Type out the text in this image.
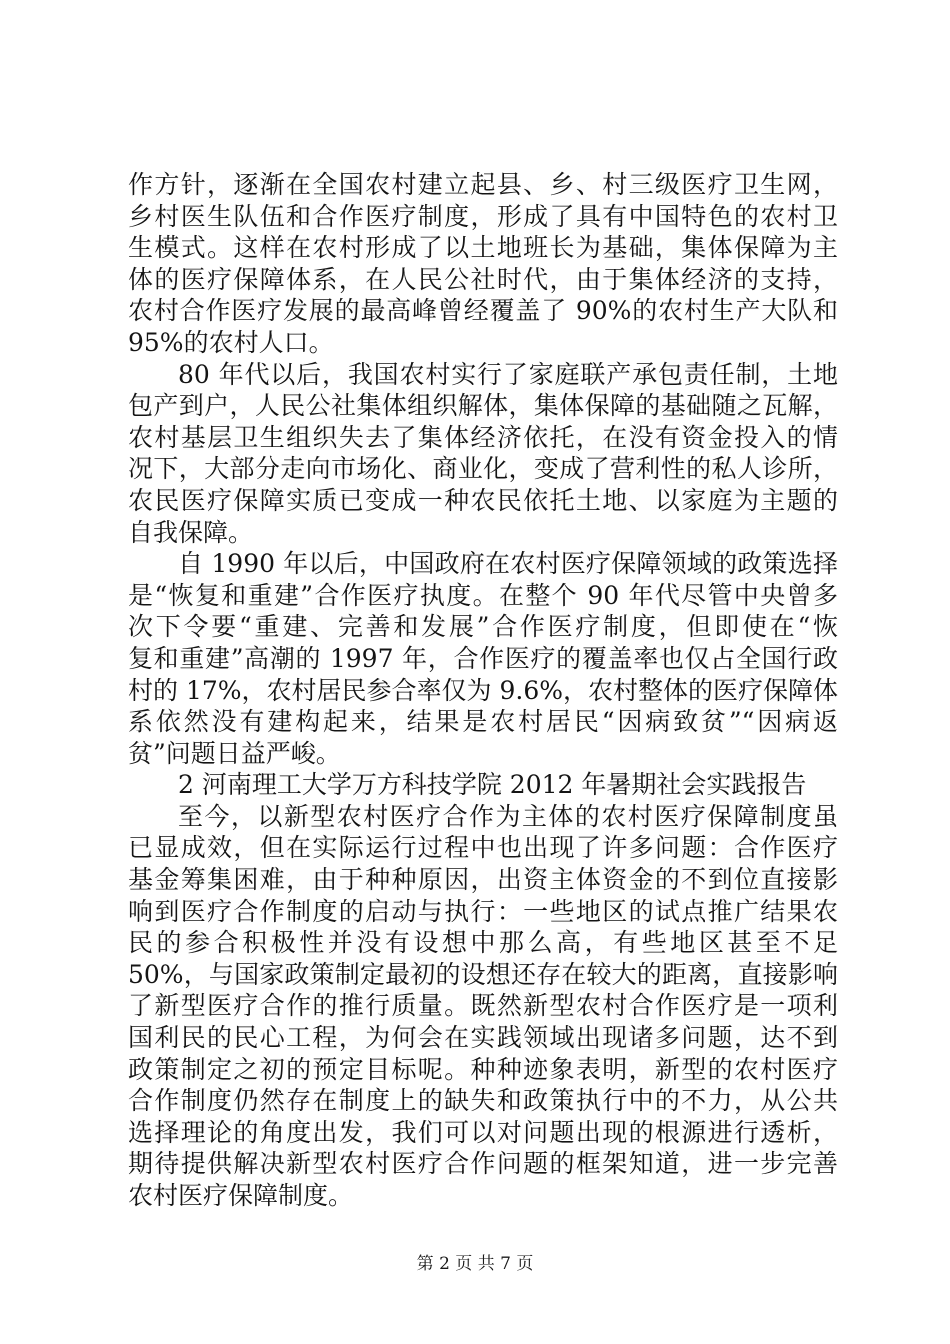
作方针，逐渐在全国农村建立起县、乡、村三级医疗卫生网，
乡村医生队伍和合作医疗制度，形成了具有中国特色的农村卫
生模式。这样在农村形成了以土地班长为基础，集体保障为主
体的医疗保障体系，在人民公社时代，由于集体经济的支持，
农村合作医疗发展的最高峰曾经覆盖了 90%的农村生产大队和
95%的农村人口。
80 年代以后，我国农村实行了家庭联产承包责任制，土地
包产到户，人民公社集体组织解体，集体保障的基础随之瓦解，
农村基层卫生组织失去了集体经济依托，在没有资金投入的情
况下，大部分走向市场化、商业化，变成了营利性的私人诊所，
农民医疗保障实质已变成一种农民依托土地、以家庭为主题的
自我保障。
自 1990 年以后，中国政府在农村医疗保障领域的政策选择
是“恢复和重建”合作医疗执度。在整个 90 年代尽管中央曾多
次下令要“重建、完善和发展”合作医疗制度，但即使在“恢
复和重建”高潮的 1997 年，合作医疗的覆盖率也仅占全国行政
村的 17%，农村居民参合率仅为 9.6%，农村整体的医疗保障体
系依然没有建构起来，结果是农村居民“因病致贫”“因病返
贫”问题日益严峻。
2 河南理工大学万方科技学院 2012 年暑期社会实践报告
至今，以新型农村医疗合作为主体的农村医疗保障制度虽
已显成效，但在实际运行过程中也出现了许多问题：合作医疗
基金筹集困难，由于种种原因，出资主体资金的不到位直接影
响到医疗合作制度的启动与执行：一些地区的试点推广结果农
民的参合积极性并没有设想中那么高，有些地区甚至不足
50%，与国家政策制定最初的设想还存在较大的距离，直接影响
了新型医疗合作的推行质量。既然新型农村合作医疗是一项利
国利民的民心工程，为何会在实践领域出现诸多问题，达不到
政策制定之初的预定目标呢。种种迹象表明，新型的农村医疗
合作制度仍然存在制度上的缺失和政策执行中的不力，从公共
选择理论的角度出发，我们可以对问题出现的根源进行透析，
期待提供解决新型农村医疗合作问题的框架知道，进一步完善
农村医疗保障制度。
第 2 页 共 7 页
